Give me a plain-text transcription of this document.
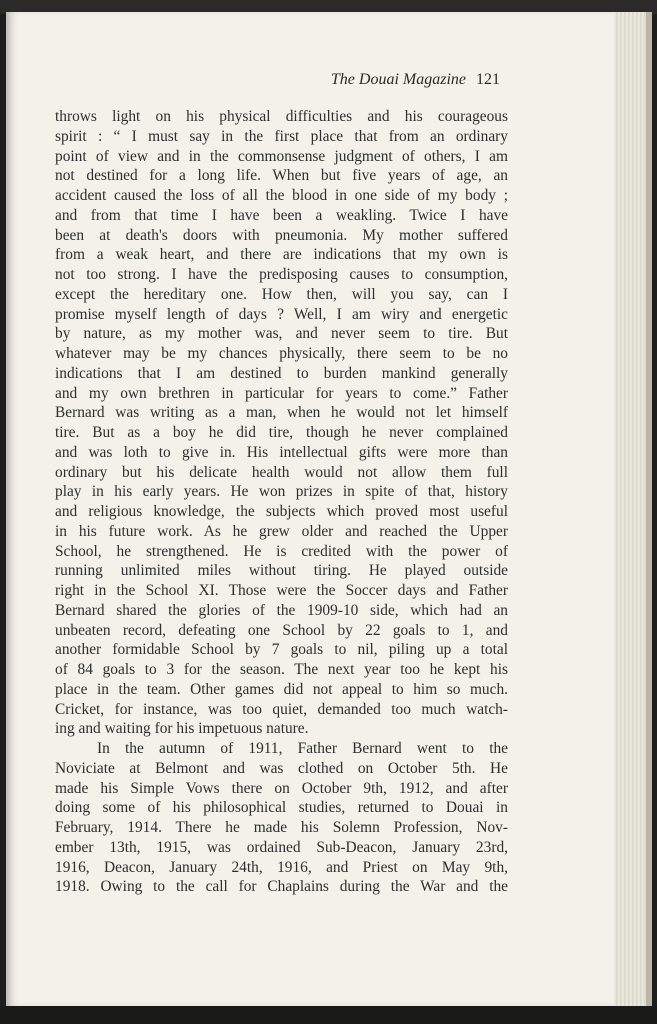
The Douai Magazine 121
throws light on his physical difficulties and his courageous
spirit : “ I must say in the first place that from an ordinary
point of view and in the commonsense judgment of others, I am
not destined for a long life. When but five years of age, an
accident caused the loss of all the blood in one side of my body ;
and from that time I have been a weakling. Twice I have
been at death's doors with pneumonia. My mother suffered
from a weak heart, and there are indications that my own is
not too strong. I have the predisposing causes to consumption,
except the hereditary one. How then, will you say, can I
promise myself length of days ? Well, I am wiry and energetic
by nature, as my mother was, and never seem to tire. But
whatever may be my chances physically, there seem to be no
indications that I am destined to burden mankind generally
and my own brethren in particular for years to come.” Father
Bernard was writing as a man, when he would not let himself
tire. But as a boy he did tire, though he never complained
and was loth to give in. His intellectual gifts were more than
ordinary but his delicate health would not allow them full
play in his early years. He won prizes in spite of that, history
and religious knowledge, the subjects which proved most useful
in his future work. As he grew older and reached the Upper
School, he strengthened. He is credited with the power of
running unlimited miles without tiring. He played outside
right in the School XI. Those were the Soccer days and Father
Bernard shared the glories of the 1909-10 side, which had an
unbeaten record, defeating one School by 22 goals to 1, and
another formidable School by 7 goals to nil, piling up a total
of 84 goals to 3 for the season. The next year too he kept his
place in the team. Other games did not appeal to him so much.
Cricket, for instance, was too quiet, demanded too much watch-
ing and waiting for his impetuous nature.
In the autumn of 1911, Father Bernard went to the
Noviciate at Belmont and was clothed on October 5th. He
made his Simple Vows there on October 9th, 1912, and after
doing some of his philosophical studies, returned to Douai in
February, 1914. There he made his Solemn Profession, Nov-
ember 13th, 1915, was ordained Sub-Deacon, January 23rd,
1916, Deacon, January 24th, 1916, and Priest on May 9th,
1918. Owing to the call for Chaplains during the War and the
